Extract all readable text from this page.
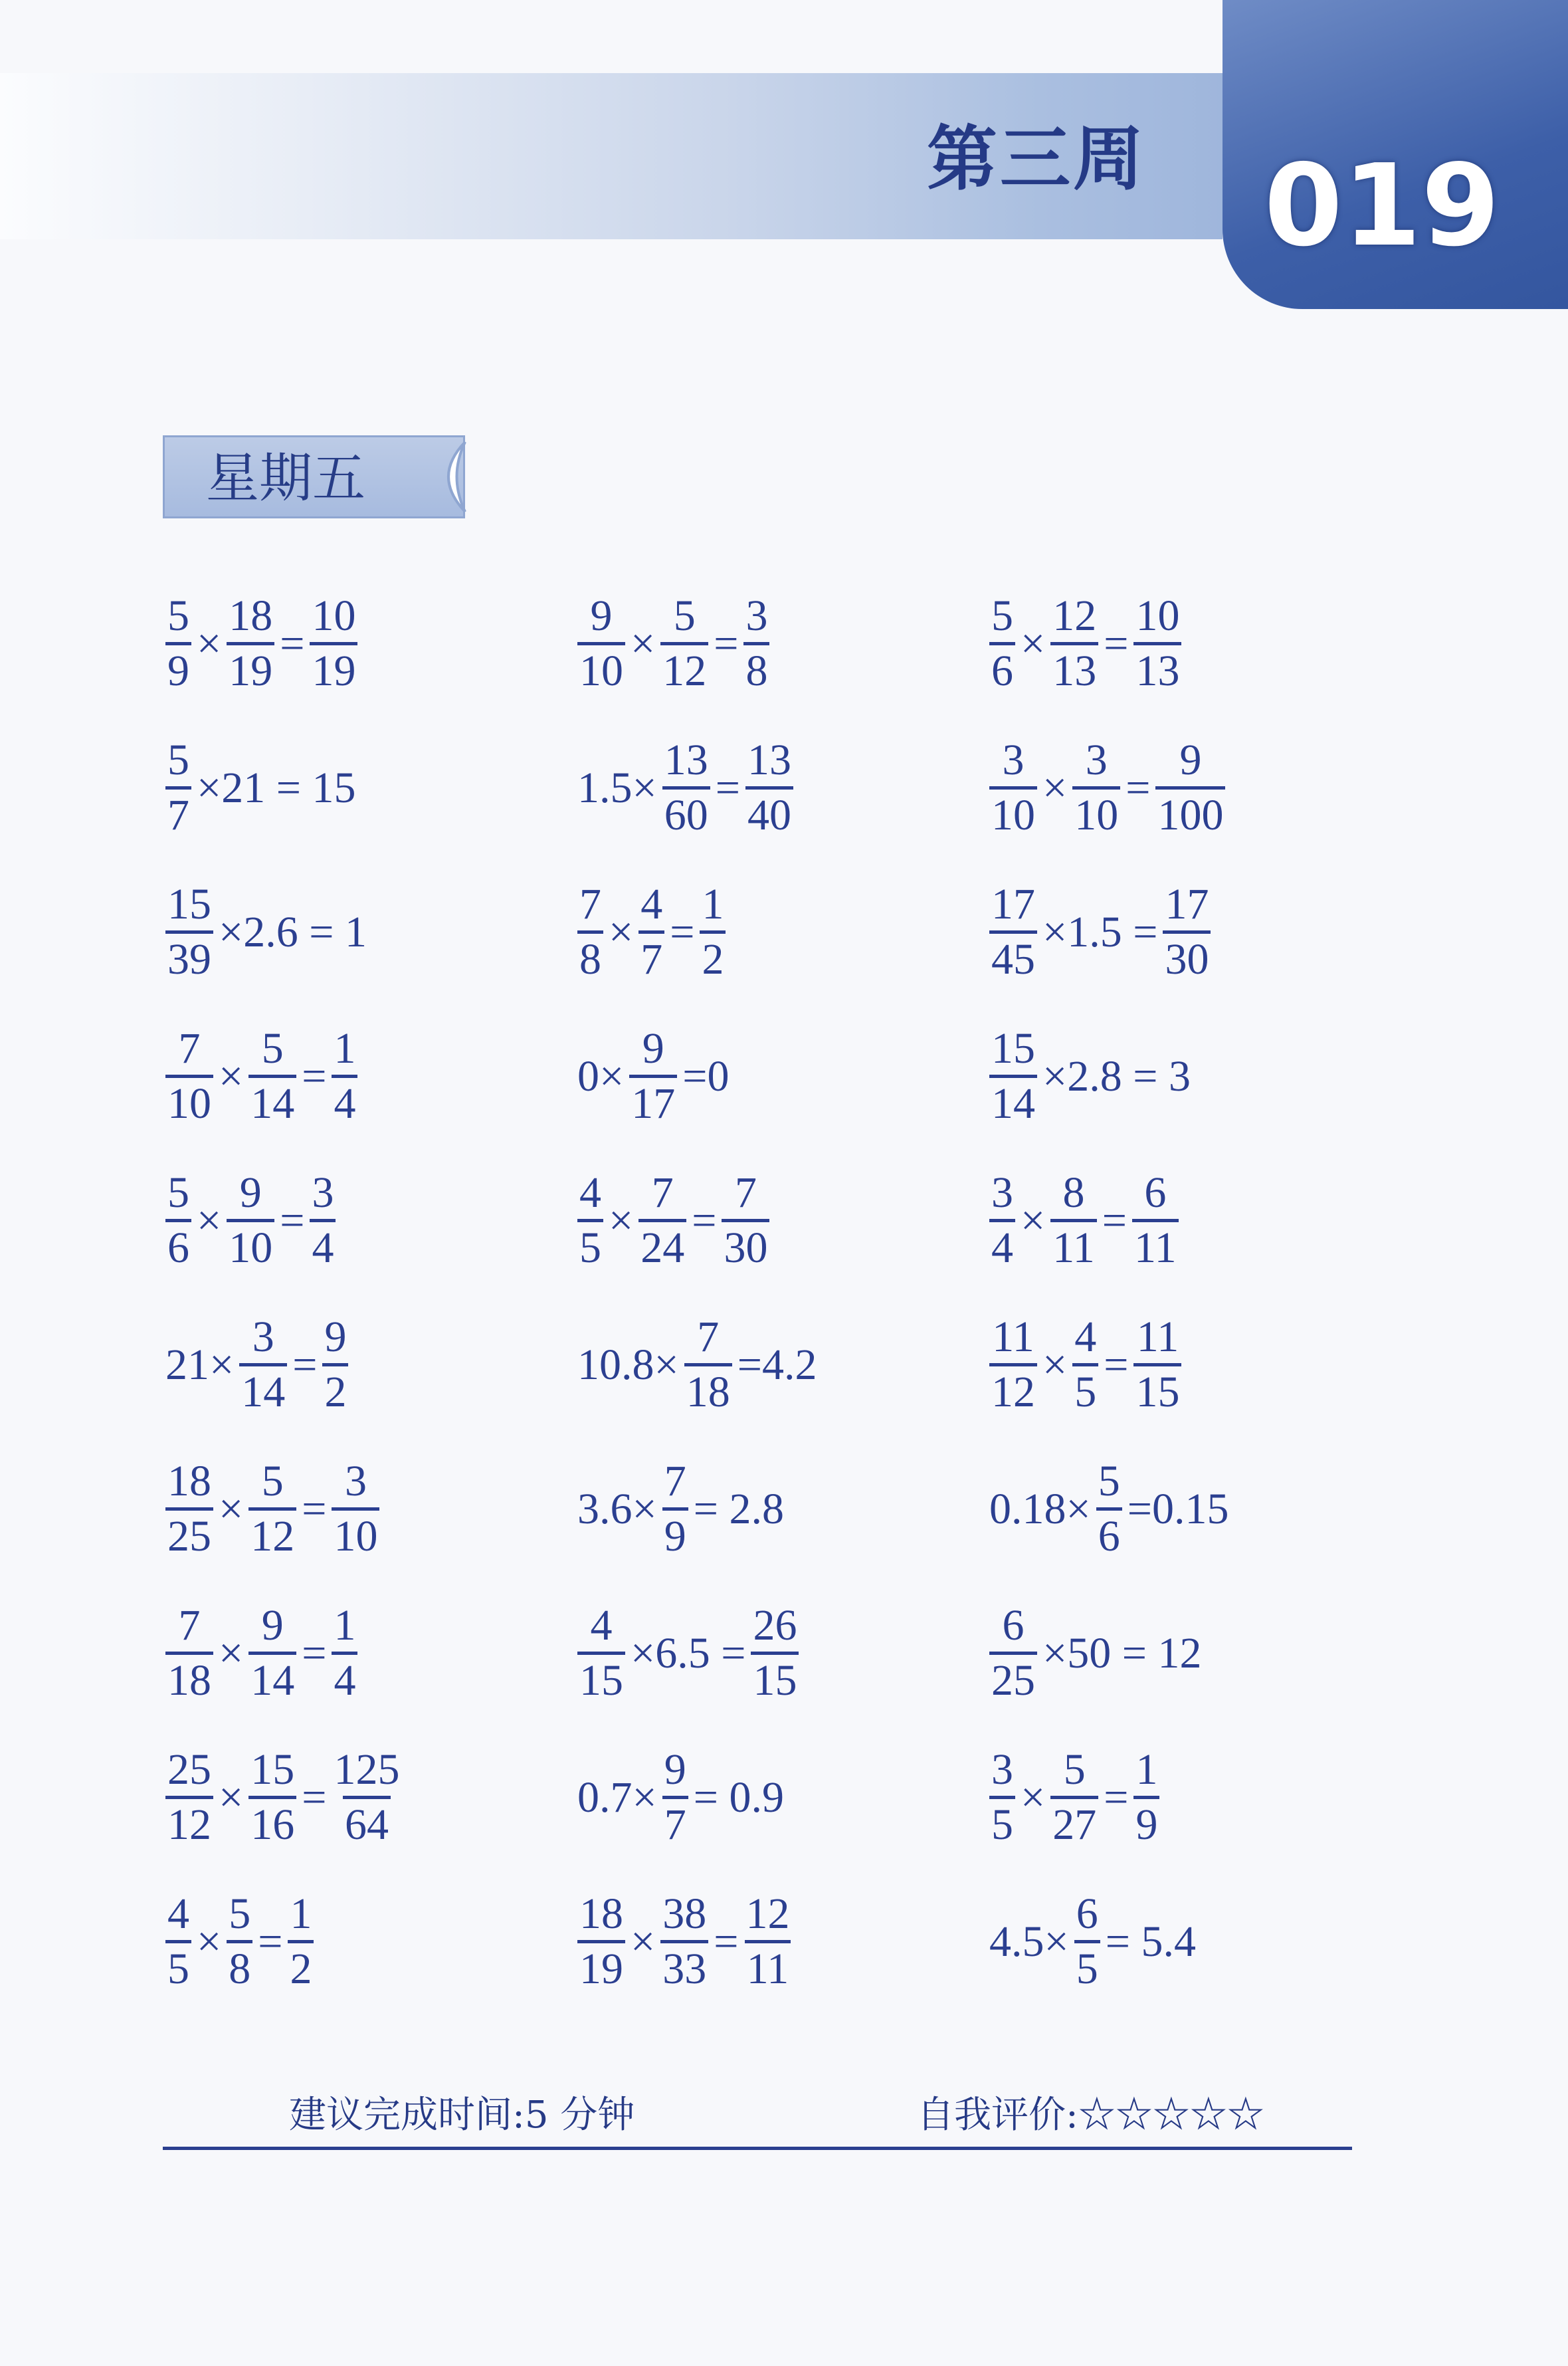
第三周 019
星期五
$\frac{5}{9} \times \frac{18}{19} = \frac{10}{19}$	$\frac{9}{10} \times \frac{5}{12} = \frac{3}{8}$	$\frac{5}{6} \times \frac{12}{13} = \frac{10}{13}$
$\frac{5}{7} \times 21 = 15$	$1.5\times \frac{13}{60} = \frac{13}{40}$	$\frac{3}{10} \times \frac{3}{10} = \frac{9}{100}$
$\frac{15}{39} \times 2.6 = 1$	$\frac{7}{8} \times \frac{4}{7} = \frac{1}{2}$	$\frac{17}{45} \times 1.5 = \frac{17}{30}$
$\frac{7}{10} \times \frac{5}{14} = \frac{1}{4}$	$0\times \frac{9}{17} =0$	$\frac{15}{14} \times 2.8 = 3$
$\frac{5}{6} \times \frac{9}{10} = \frac{3}{4}$	$\frac{4}{5} \times \frac{7}{24} = \frac{7}{30}$	$\frac{3}{4} \times \frac{8}{11} = \frac{6}{11}$
$21\times \frac{3}{14} = \frac{9}{2}$	$10.8\times \frac{7}{18} =4.2$	$\frac{11}{12} \times \frac{4}{5} = \frac{11}{15}$
$\frac{18}{25} \times \frac{5}{12} = \frac{3}{10}$	$3.6\times \frac{7}{9} = 2.8$	$0.18\times \frac{5}{6} =0.15$
$\frac{7}{18} \times \frac{9}{14} = \frac{1}{4}$	$\frac{4}{15} \times 6.5 = \frac{26}{15}$	$\frac{6}{25} \times 50 = 12$
$\frac{25}{12} \times \frac{15}{16} = \frac{125}{64}$	$0.7\times \frac{9}{7} = 0.9$	$\frac{3}{5} \times \frac{5}{27} = \frac{1}{9}$
$\frac{4}{5} \times \frac{5}{8} = \frac{1}{2}$	$\frac{18}{19} \times \frac{38}{33} = \frac{12}{11}$	$4.5\times \frac{6}{5} = 5.4$
建议完成时间:5 分钟	自我评价:☆☆☆☆☆
